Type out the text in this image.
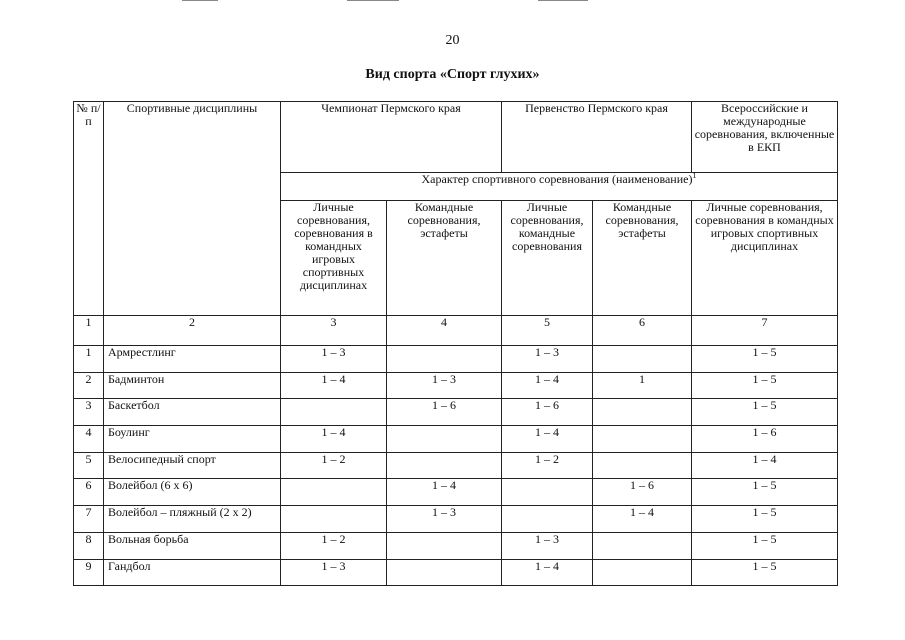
20
Вид спорта «Спорт глухих»
№ п/п	Спортивные дисциплины	Чемпионат Пермского края		Первенство Пермского края		Всероссийские и международные соревнования, включенные в ЕКП
		Характер спортивного соревнования (наименование)$^1$
		Личные соревнования, соревнования в командных игровых спортивных дисциплинах	Командные соревнования, эстафеты	Личные соревнования, командные соревнования	Командные соревнования, эстафеты	Личные соревнования, соревнования в командных игровых спортивных дисциплинах
1	2	3	4	5	6	7
1	Армрестлинг	1 – 3		1 – 3		1 – 5
2	Бадминтон	1 – 4	1 – 3	1 – 4	1	1 – 5
3	Баскетбол		1 – 6	1 – 6		1 – 5
4	Боулинг	1 – 4		1 – 4		1 – 6
5	Велосипедный спорт	1 – 2		1 – 2		1 – 4
6	Волейбол (6 х 6)		1 – 4		1 – 6	1 – 5
7	Волейбол – пляжный (2 х 2)		1 – 3		1 – 4	1 – 5
8	Вольная борьба	1 – 2		1 – 3		1 – 5
9	Гандбол	1 – 3		1 – 4		1 – 5
